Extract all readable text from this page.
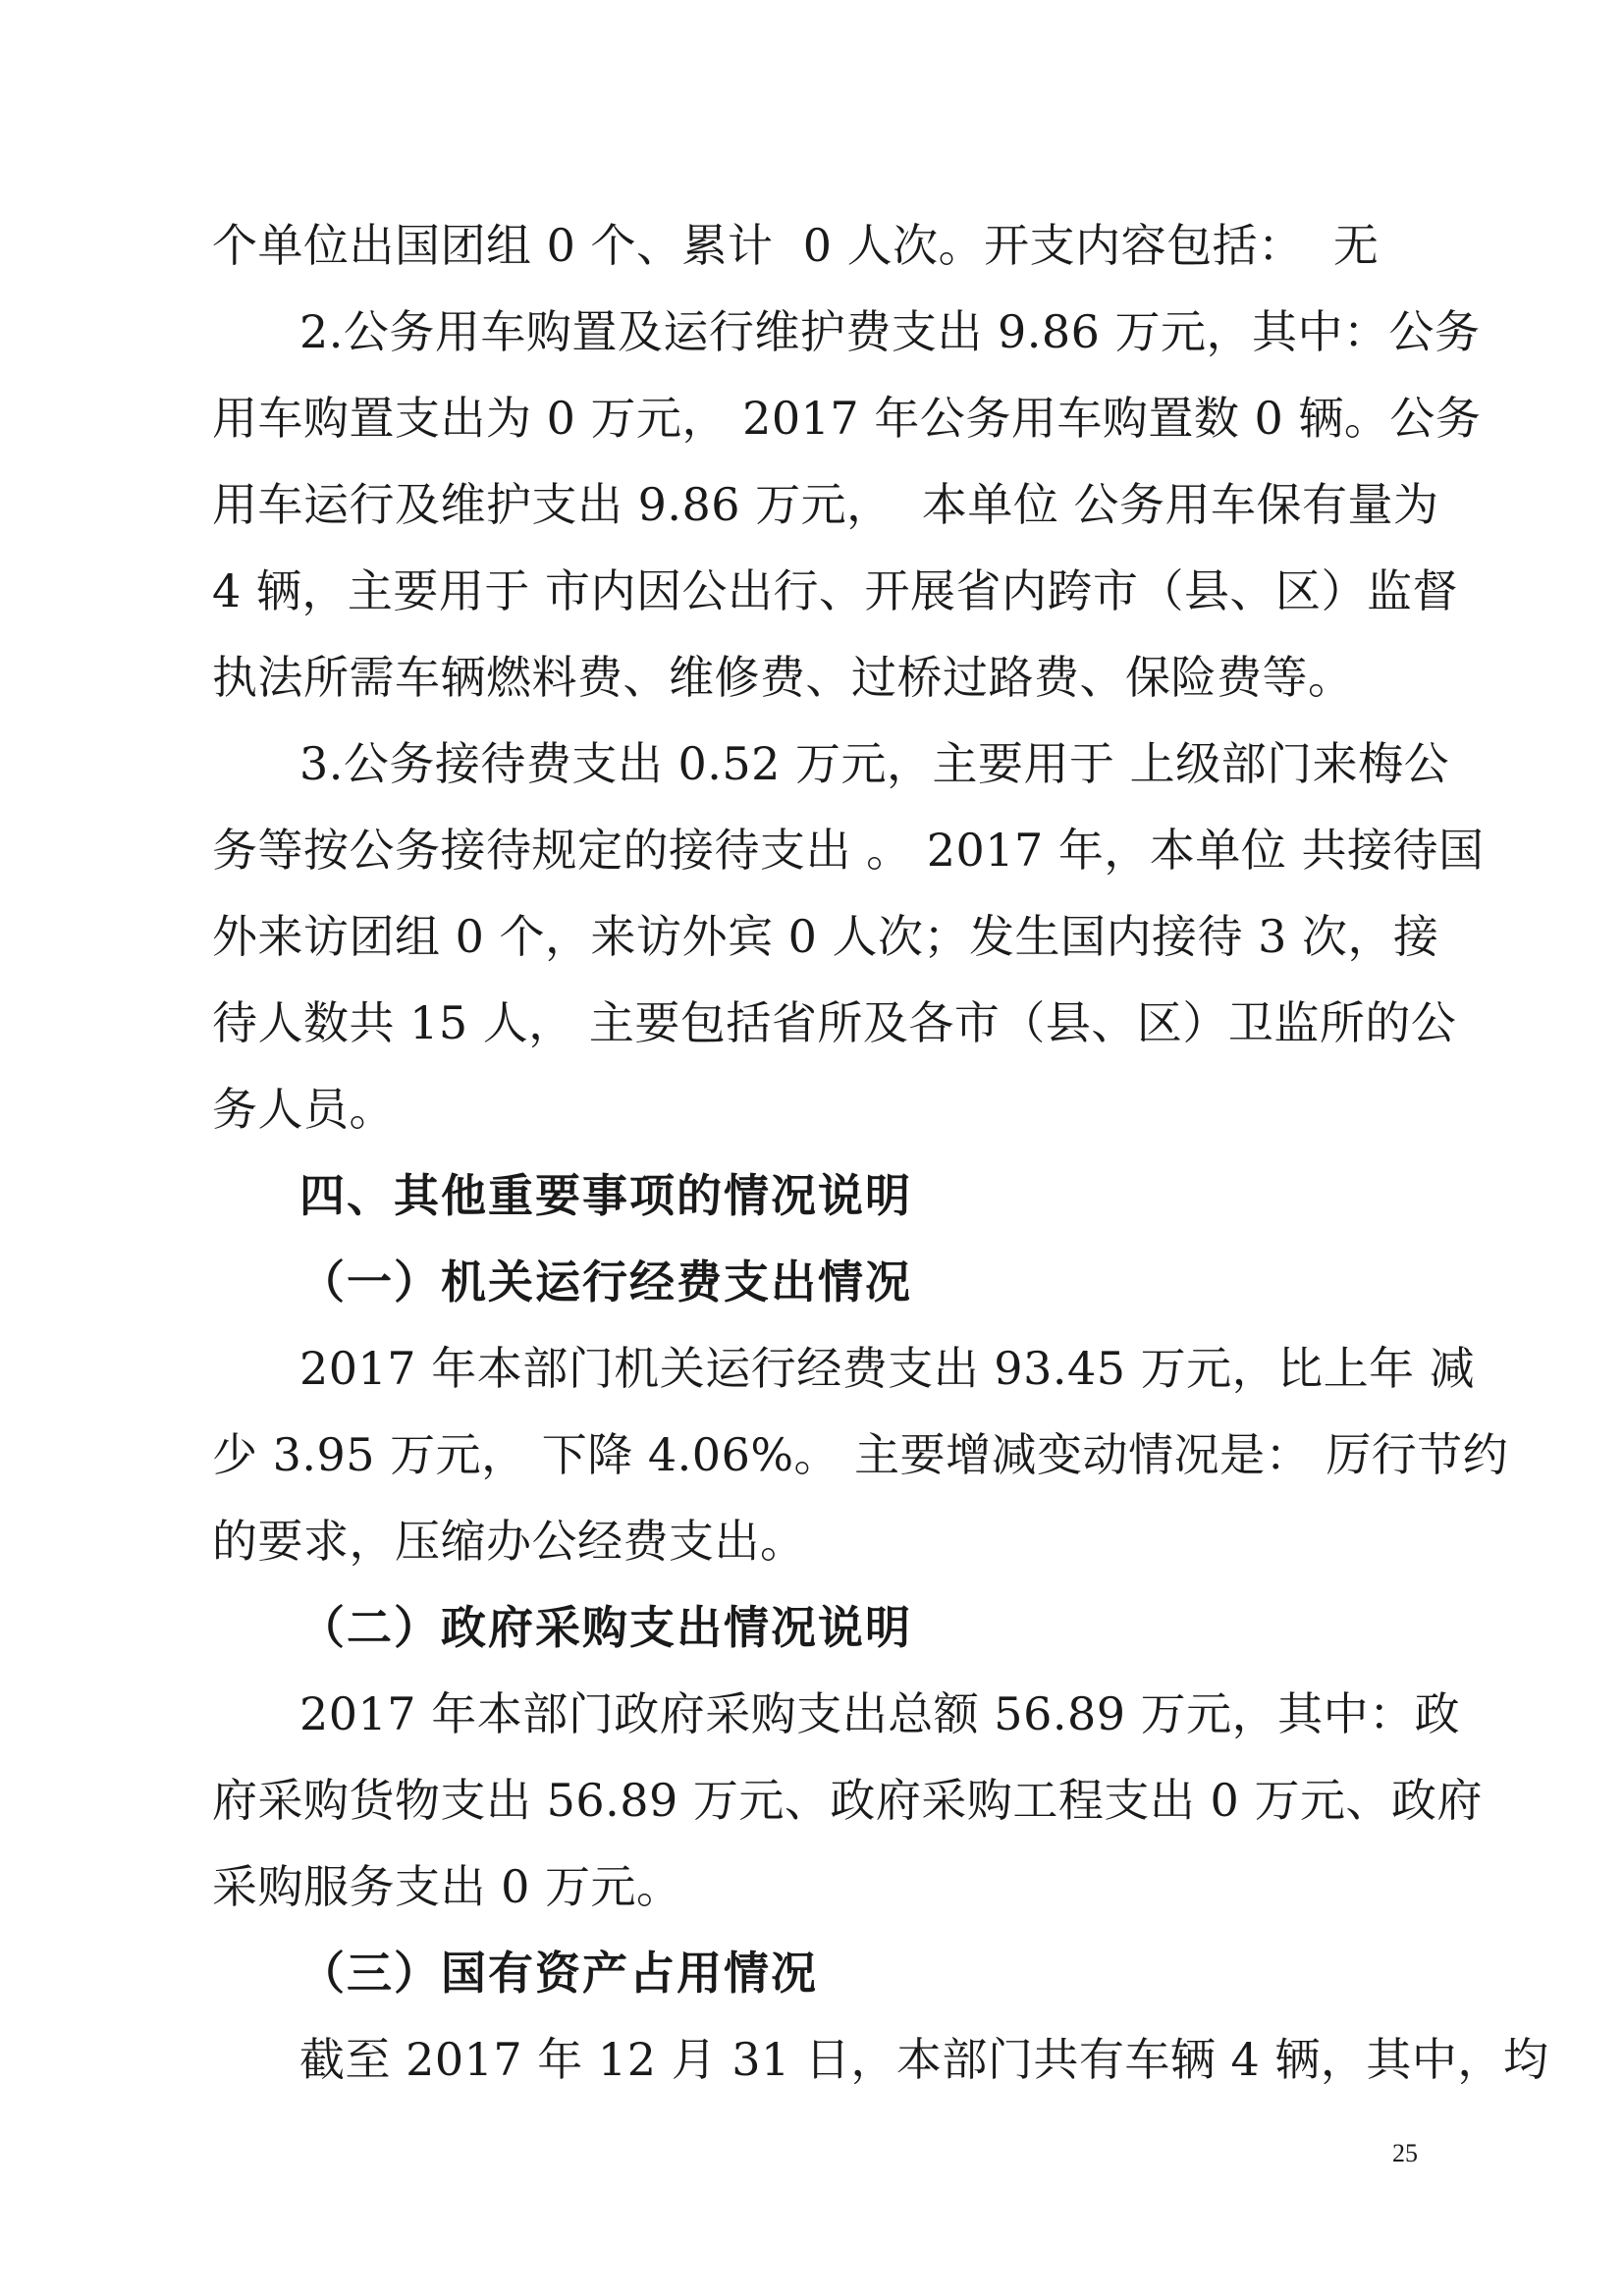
个单位出国团组 0 个、累计  0 人次。开支内容包括：  无
2.公务用车购置及运行维护费支出 9.86 万元，其中：公务
用车购置支出为 0 万元， 2017 年公务用车购置数 0 辆。公务
用车运行及维护支出 9.86 万元，  本单位 公务用车保有量为
4 辆，主要用于 市内因公出行、开展省内跨市（县、区）监督
执法所需车辆燃料费、维修费、过桥过路费、保险费等。
3.公务接待费支出 0.52 万元，主要用于 上级部门来梅公
务等按公务接待规定的接待支出 。 2017 年，本单位 共接待国
外来访团组 0 个，来访外宾 0 人次；发生国内接待 3 次，接
待人数共 15 人， 主要包括省所及各市（县、区）卫监所的公
务人员。
四、其他重要事项的情况说明
（一）机关运行经费支出情况
2017 年本部门机关运行经费支出 93.45 万元，比上年 减
少 3.95 万元， 下降 4.06%。 主要增减变动情况是： 厉行节约
的要求，压缩办公经费支出。
（二）政府采购支出情况说明
2017 年本部门政府采购支出总额 56.89 万元，其中：政
府采购货物支出 56.89 万元、政府采购工程支出 0 万元、政府
采购服务支出 0 万元。
（三）国有资产占用情况
截至 2017 年 12 月 31 日，本部门共有车辆 4 辆，其中，均
25
